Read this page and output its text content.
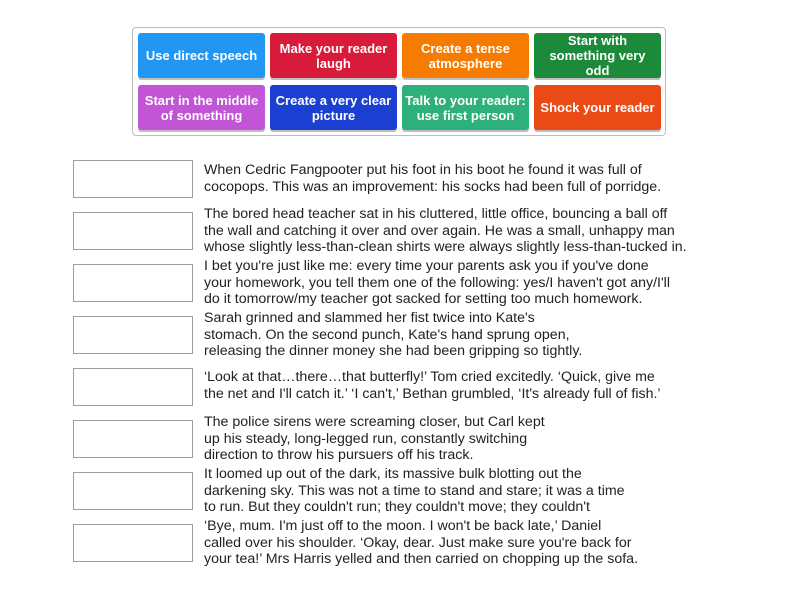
Use direct speech	Make your reader laugh
Create a tense atmosphere
Start with something very odd
Start in the middle of something
Create a very clear picture
Talk to your reader: use first person	Shock your reader
When Cedric Fangpooter put his foot in his boot he found it was full of
cocopops. This was an improvement: his socks had been full of porridge.
The bored head teacher sat in his cluttered, little office, bouncing a ball off
the wall and catching it over and over again. He was a small, unhappy man
whose slightly less-than-clean shirts were always slightly less-than-tucked in.
I bet you're just like me: every time your parents ask you if you've done
your homework, you tell them one of the following: yes/I haven't got any/I'll
do it tomorrow/my teacher got sacked for setting too much homework.
Sarah grinned and slammed her fist twice into Kate's
stomach. On the second punch, Kate's hand sprung open,
releasing the dinner money she had been gripping so tightly.
‘Look at that…there…that butterfly!’ Tom cried excitedly. ‘Quick, give me
the net and I'll catch it.’ ‘I can't,’ Bethan grumbled, ‘It's already full of fish.’
The police sirens were screaming closer, but Carl kept
up his steady, long-legged run, constantly switching
direction to throw his pursuers off his track.
It loomed up out of the dark, its massive bulk blotting out the
darkening sky. This was not a time to stand and stare; it was a time
to run. But they couldn't run; they couldn't move; they couldn't
‘Bye, mum. I'm just off to the moon. I won't be back late,’ Daniel
called over his shoulder. ‘Okay, dear. Just make sure you're back for
your tea!’ Mrs Harris yelled and then carried on chopping up the sofa.
